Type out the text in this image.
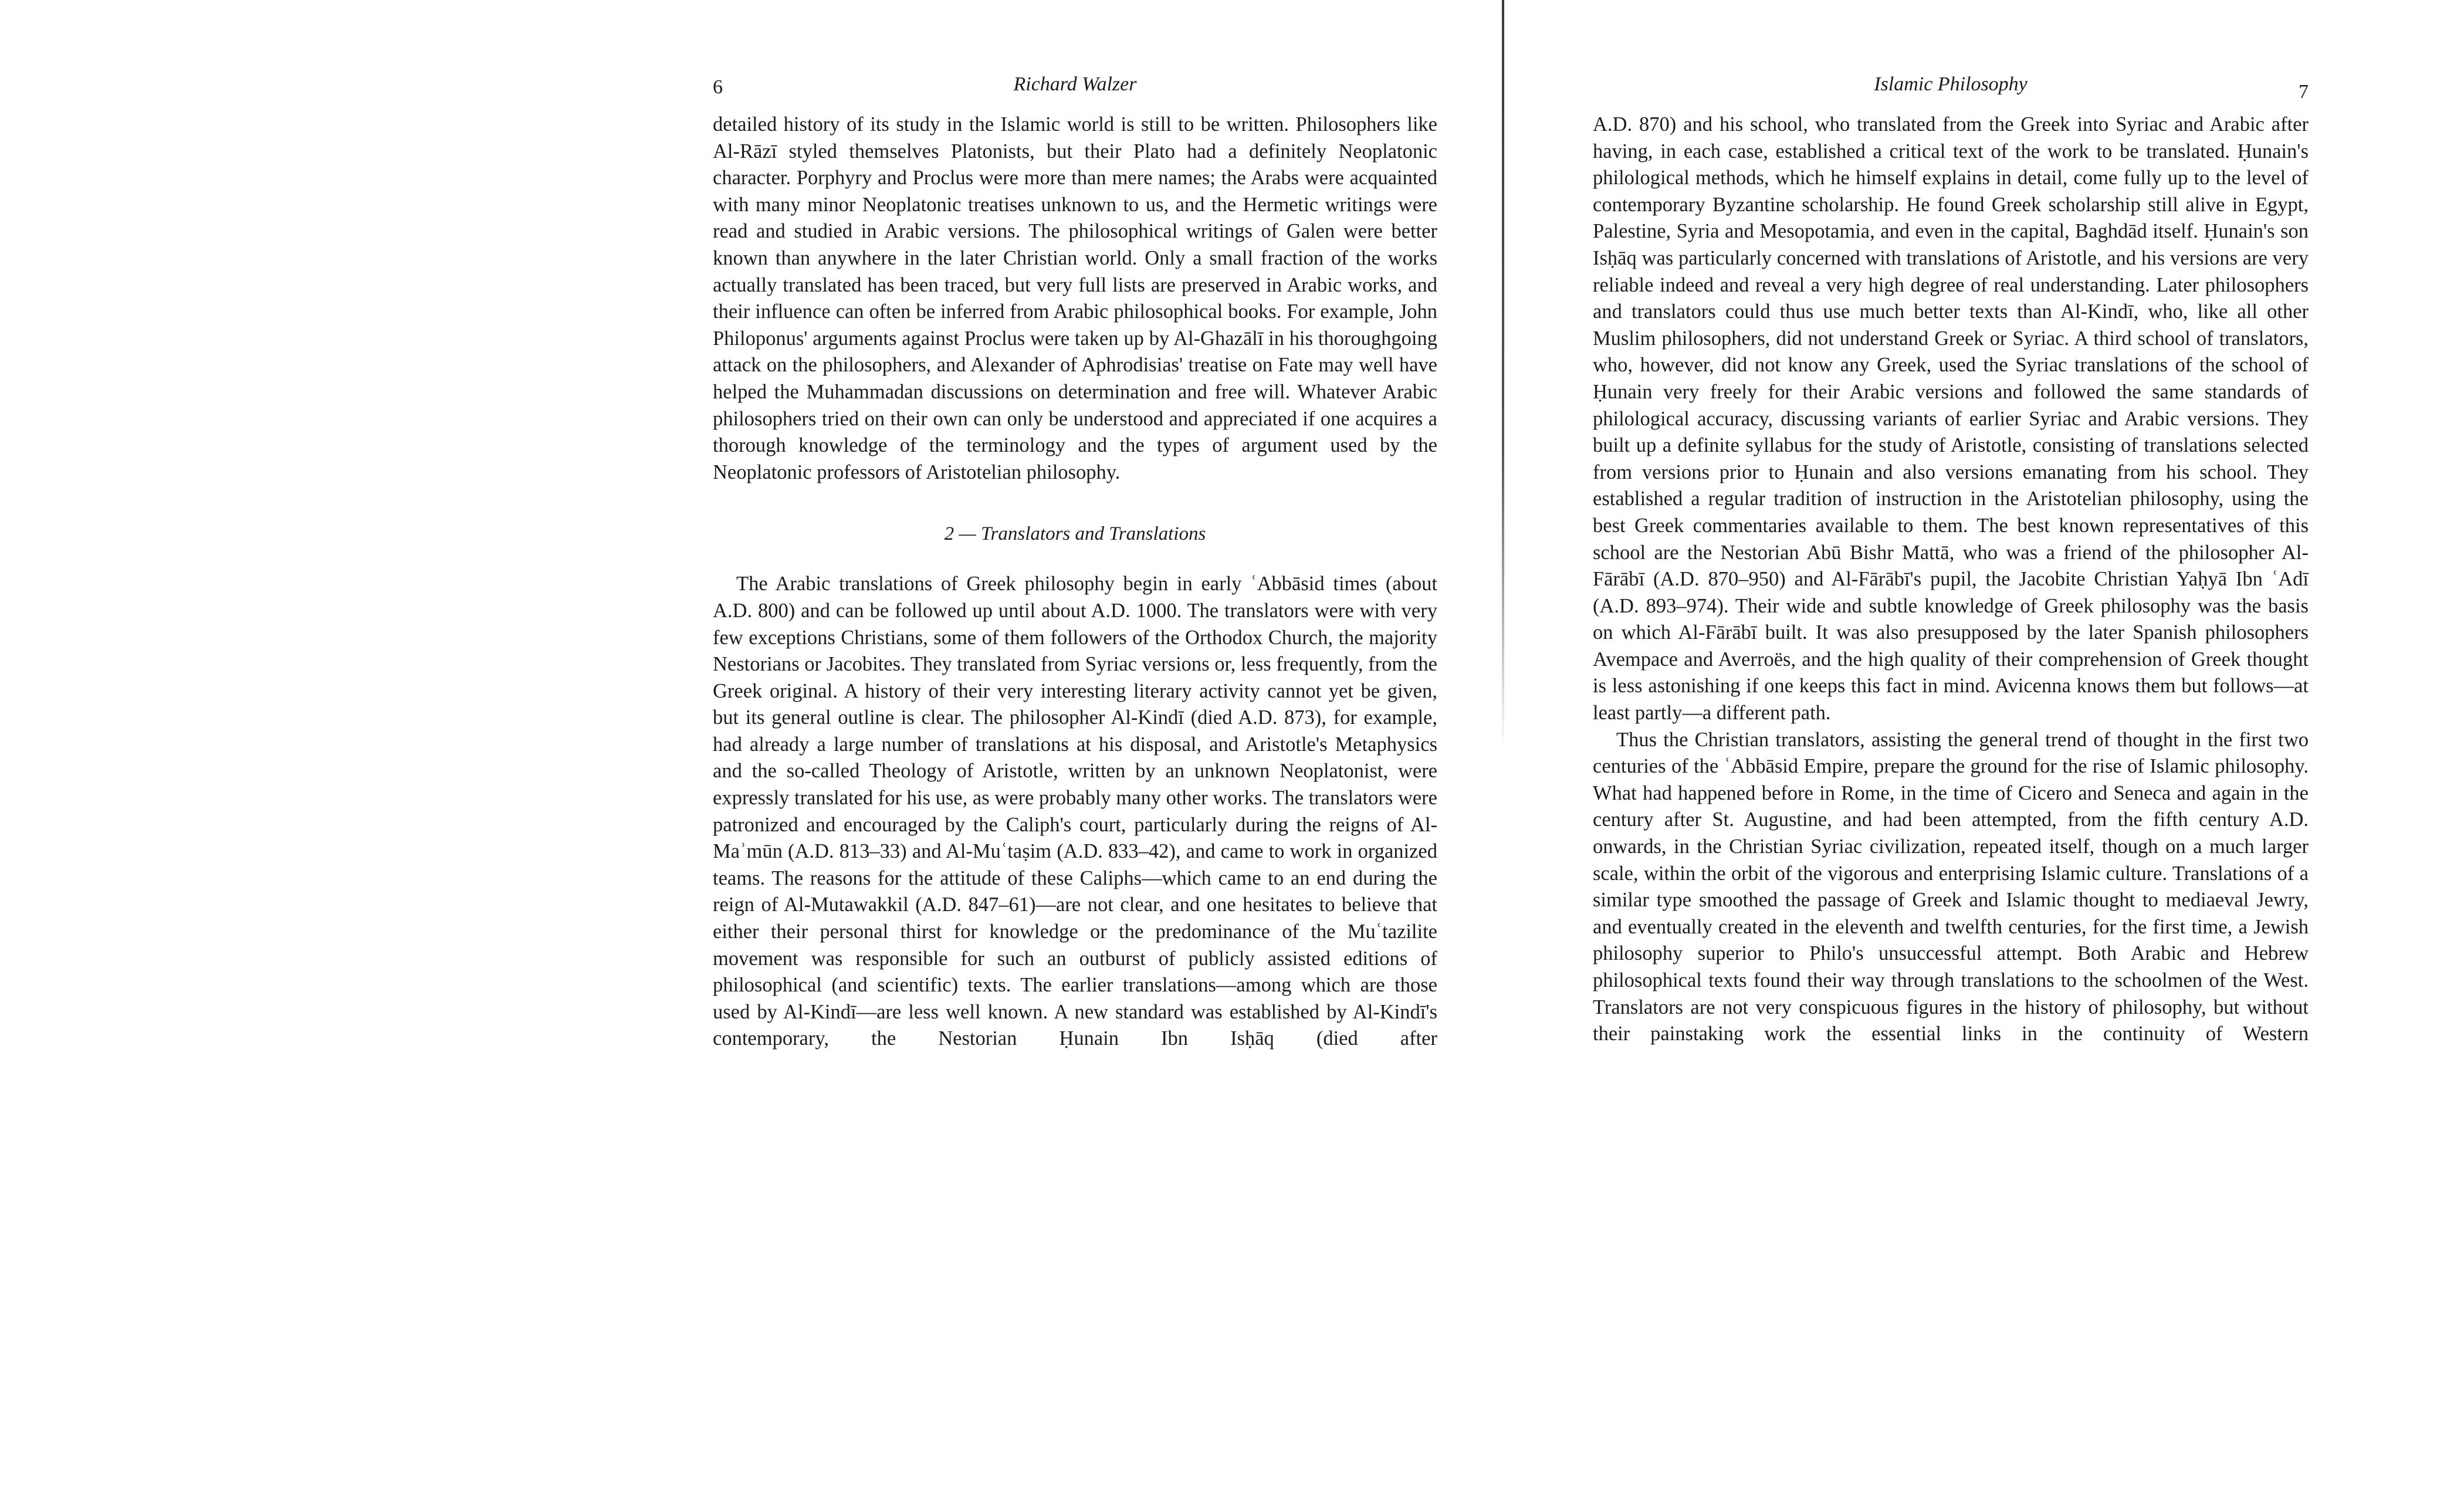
6	Richard Walzer

detailed history of its study in the Islamic world is still to be written. Philosophers like Al-Rāzī styled themselves Platonists, but their Plato had a definitely Neoplatonic character. Porphyry and Proclus were more than mere names; the Arabs were acquainted with many minor Neoplatonic treatises unknown to us, and the Hermetic writings were read and studied in Arabic versions. The philosophical writings of Galen were better known than anywhere in the later Christian world. Only a small fraction of the works actually translated has been traced, but very full lists are preserved in Arabic works, and their influence can often be inferred from Arabic philosophical books. For example, John Philoponus' arguments against Proclus were taken up by Al-Ghazālī in his thoroughgoing attack on the philosophers, and Alexander of Aphrodisias' treatise on Fate may well have helped the Muhammadan discussions on determination and free will. Whatever Arabic philosophers tried on their own can only be understood and appreciated if one acquires a thorough knowledge of the terminology and the types of argument used by the Neoplatonic professors of Aristotelian philosophy.

2 — Translators and Translations

The Arabic translations of Greek philosophy begin in early ʿAbbāsid times (about A.D. 800) and can be followed up until about A.D. 1000. The translators were with very few exceptions Christians, some of them followers of the Orthodox Church, the majority Nestorians or Jacobites. They translated from Syriac versions or, less frequently, from the Greek original. A history of their very interesting literary activity cannot yet be given, but its general outline is clear. The philosopher Al-Kindī (died A.D. 873), for example, had already a large number of translations at his disposal, and Aristotle's Metaphysics and the so-called Theology of Aristotle, written by an unknown Neoplatonist, were expressly translated for his use, as were probably many other works. The translators were patronized and encouraged by the Caliph's court, particularly during the reigns of Al-Maʾmūn (A.D. 813–33) and Al-Muʿtaṣim (A.D. 833–42), and came to work in organized teams. The reasons for the attitude of these Caliphs—which came to an end during the reign of Al-Mutawakkil (A.D. 847–61)—are not clear, and one hesitates to believe that either their personal thirst for knowledge or the predominance of the Muʿtazilite movement was responsible for such an outburst of publicly assisted editions of philosophical (and scientific) texts. The earlier translations—among which are those used by Al-Kindī—are less well known. A new standard was established by Al-Kindī's contemporary, the Nestorian Ḥunain Ibn Isḥāq (died after

Islamic Philosophy	7

A.D. 870) and his school, who translated from the Greek into Syriac and Arabic after having, in each case, established a critical text of the work to be translated. Ḥunain's philological methods, which he himself explains in detail, come fully up to the level of contemporary Byzantine scholarship. He found Greek scholarship still alive in Egypt, Palestine, Syria and Mesopotamia, and even in the capital, Baghdād itself. Ḥunain's son Isḥāq was particularly concerned with translations of Aristotle, and his versions are very reliable indeed and reveal a very high degree of real understanding. Later philosophers and translators could thus use much better texts than Al-Kindī, who, like all other Muslim philosophers, did not understand Greek or Syriac. A third school of translators, who, however, did not know any Greek, used the Syriac translations of the school of Ḥunain very freely for their Arabic versions and followed the same standards of philological accuracy, discussing variants of earlier Syriac and Arabic versions. They built up a definite syllabus for the study of Aristotle, consisting of translations selected from versions prior to Ḥunain and also versions emanating from his school. They established a regular tradition of instruction in the Aristotelian philosophy, using the best Greek commentaries available to them. The best known representatives of this school are the Nestorian Abū Bishr Mattā, who was a friend of the philosopher Al-Fārābī (A.D. 870–950) and Al-Fārābī's pupil, the Jacobite Christian Yaḥyā Ibn ʿAdī (A.D. 893–974). Their wide and subtle knowledge of Greek philosophy was the basis on which Al-Fārābī built. It was also presupposed by the later Spanish philosophers Avempace and Averroës, and the high quality of their comprehension of Greek thought is less astonishing if one keeps this fact in mind. Avicenna knows them but follows—at least partly—a different path.

Thus the Christian translators, assisting the general trend of thought in the first two centuries of the ʿAbbāsid Empire, prepare the ground for the rise of Islamic philosophy. What had happened before in Rome, in the time of Cicero and Seneca and again in the century after St. Augustine, and had been attempted, from the fifth century A.D. onwards, in the Christian Syriac civilization, repeated itself, though on a much larger scale, within the orbit of the vigorous and enterprising Islamic culture. Translations of a similar type smoothed the passage of Greek and Islamic thought to mediaeval Jewry, and eventually created in the eleventh and twelfth centuries, for the first time, a Jewish philosophy superior to Philo's unsuccessful attempt. Both Arabic and Hebrew philosophical texts found their way through translations to the schoolmen of the West. Translators are not very conspicuous figures in the history of philosophy, but without their painstaking work the essential links in the continuity of Western
